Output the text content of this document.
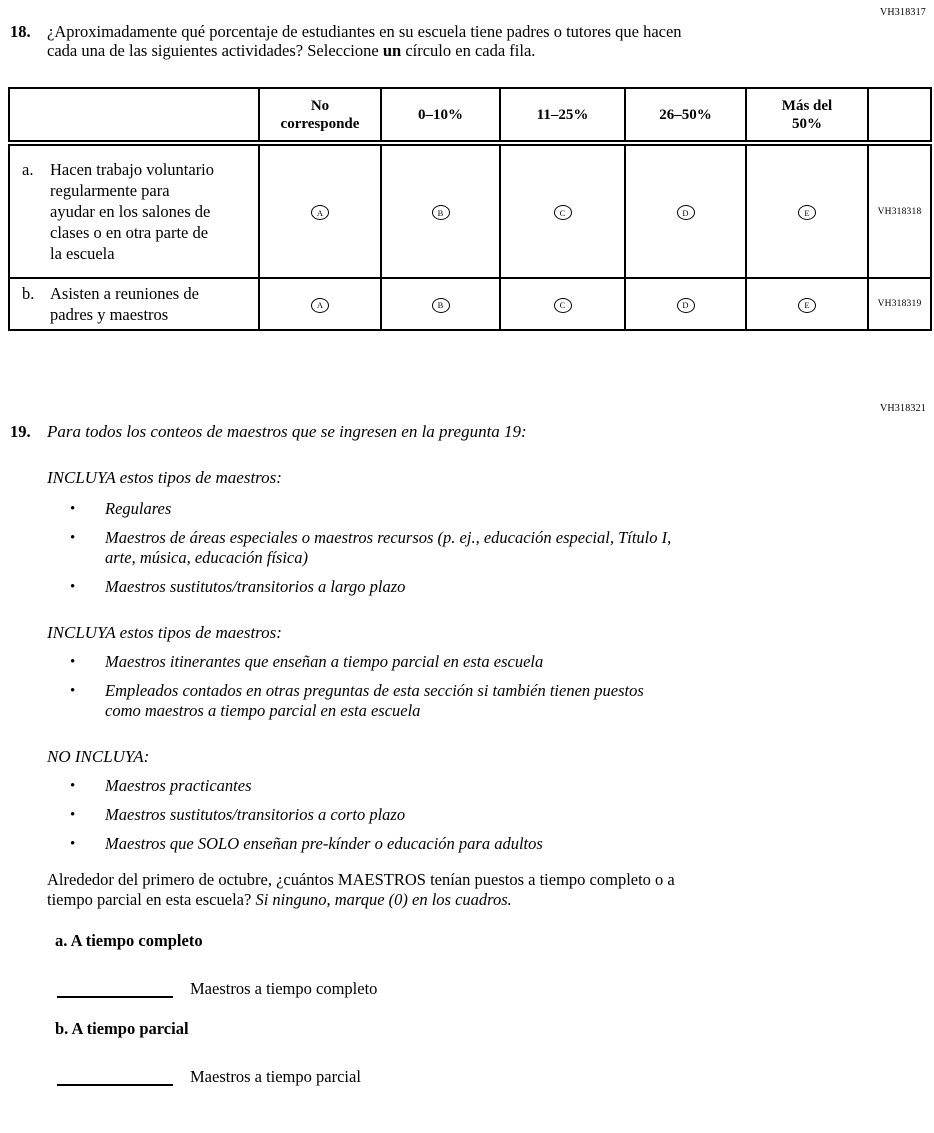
VH318317
18. ¿Aproximadamente qué porcentaje de estudiantes en su escuela tiene padres o tutores que hacen cada una de las siguientes actividades? Seleccione un círculo en cada fila.
	No corresponde	0–10%	11–25%	26–50%	Más del 50%	

a. Hacen trabajo voluntario regularmente para ayudar en los salones de clases o en otra parte de la escuela	A	B	C	D	E	VH318318

b. Asisten a reuniones de padres y maestros	A	B	C	D	E	VH318319
VH318321
19. Para todos los conteos de maestros que se ingresen en la pregunta 19:
INCLUYA estos tipos de maestros:
• Regulares
• Maestros de áreas especiales o maestros recursos (p. ej., educación especial, Título I, arte, música, educación física)
• Maestros sustitutos/transitorios a largo plazo
INCLUYA estos tipos de maestros:
• Maestros itinerantes que enseñan a tiempo parcial en esta escuela
• Empleados contados en otras preguntas de esta sección si también tienen puestos como maestros a tiempo parcial en esta escuela
NO INCLUYA:
• Maestros practicantes
• Maestros sustitutos/transitorios a corto plazo
• Maestros que SOLO enseñan pre-kínder o educación para adultos
Alrededor del primero de octubre, ¿cuántos MAESTROS tenían puestos a tiempo completo o a tiempo parcial en esta escuela? Si ninguno, marque (0) en los cuadros.
a. A tiempo completo
Maestros a tiempo completo
b. A tiempo parcial
Maestros a tiempo parcial
